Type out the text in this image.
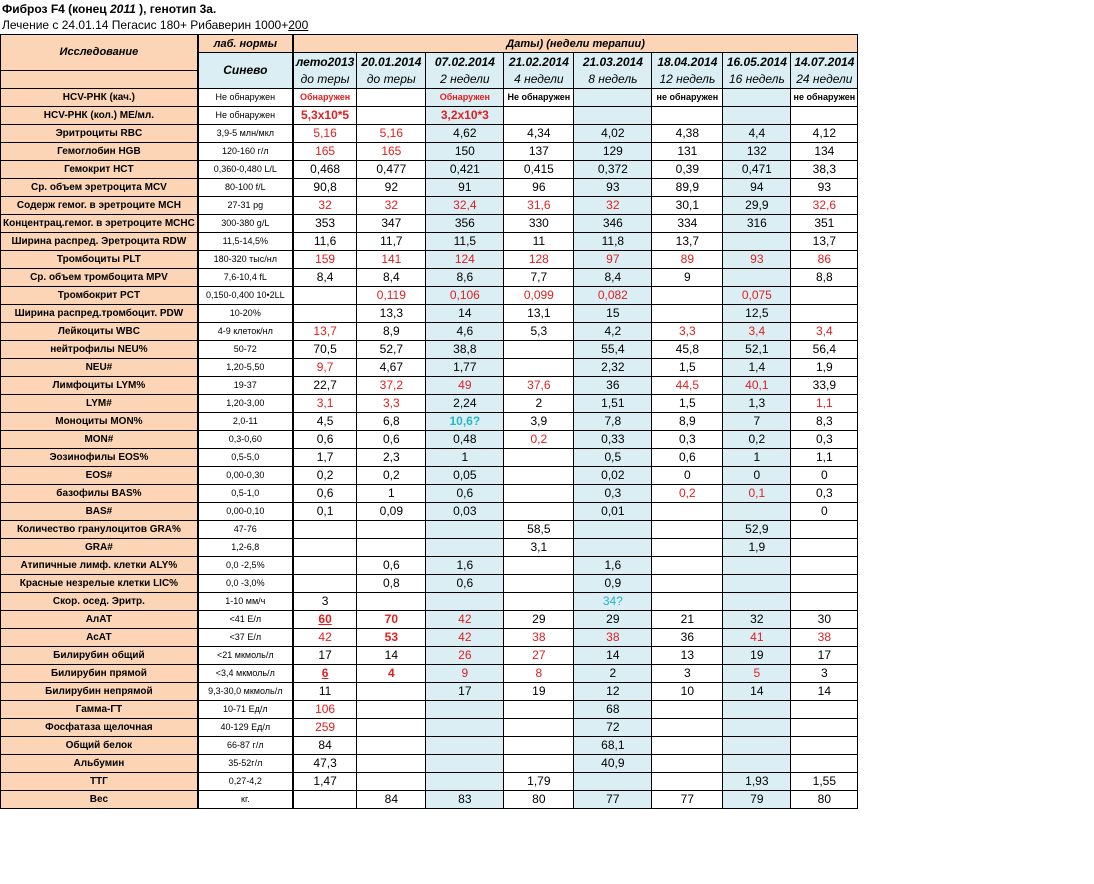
Фиброз F4 (конец 2011 ), генотип 3а.
Лечение с 24.01.14 Пегасис 180+ Рибаверин 1000+200
Исследование	лаб. нормы	Даты) (недели терапии)							
	Синево	лето2013	20.01.2014	07.02.2014	21.02.2014	21.03.2014	18.04.2014	16.05.2014	14.07.2014
		до теры	до теры	2 недели	4 недели	8 недель	12 недель	16 недель	24 недели
HCV-РНК (кач.)	Не обнаружен	Обнаружен		Обнаружен	Не обнаружен		не обнаружен		не обнаружен
HCV-РНК (кол.) МЕ/мл.	Не обнаружен	5,3x10*5		3,2x10*3					
Эритроциты RBC	3,9-5 млн/мкл	5,16	5,16	4,62	4,34	4,02	4,38	4,4	4,12
Гемоглобин HGB	120-160 г/л	165	165	150	137	129	131	132	134
Гемокрит HCT	0,360-0,480 L/L	0,468	0,477	0,421	0,415	0,372	0,39	0,471	38,3
Ср. объем эретроцита MCV	80-100 f/L	90,8	92	91	96	93	89,9	94	93
Содерж гемог. в эретроците MCH	27-31 pg	32	32	32,4	31,6	32	30,1	29,9	32,6
Концентрац.гемог. в эретроците MCHC	300-380 g/L	353	347	356	330	346	334	316	351
Ширина распред. Эретроцита RDW	11,5-14,5%	11,6	11,7	11,5	11	11,8	13,7		13,7
Тромбоциты PLT	180-320 тыс/нл	159	141	124	128	97	89	93	86
Ср. объем тромбоцита MPV	7,6-10,4 fL	8,4	8,4	8,6	7,7	8,4	9		8,8
Тромбокрит PCT	0,150-0,400 10•2LL		0,119	0,106	0,099	0,082		0,075	
Ширина распред.тромбоцит. PDW	10-20%		13,3	14	13,1	15		12,5	
Лейкоциты WBC	4-9 клеток/нл	13,7	8,9	4,6	5,3	4,2	3,3	3,4	3,4
нейтрофилы NEU%	50-72	70,5	52,7	38,8		55,4	45,8	52,1	56,4
NEU#	1,20-5,50	9,7	4,67	1,77		2,32	1,5	1,4	1,9
Лимфоциты LYM%	19-37	22,7	37,2	49	37,6	36	44,5	40,1	33,9
LYM#	1,20-3,00	3,1	3,3	2,24	2	1,51	1,5	1,3	1,1
Моноциты MON%	2,0-11	4,5	6,8	10,6?	3,9	7,8	8,9	7	8,3
MON#	0,3-0,60	0,6	0,6	0,48	0,2	0,33	0,3	0,2	0,3
Эозинофилы EOS%	0,5-5,0	1,7	2,3	1		0,5	0,6	1	1,1
EOS#	0,00-0,30	0,2	0,2	0,05		0,02	0	0	0
базофилы BAS%	0,5-1,0	0,6	1	0,6		0,3	0,2	0,1	0,3
BAS#	0,00-0,10	0,1	0,09	0,03		0,01			0
Количество гранулоцитов GRA%	47-76				58,5			52,9	
GRA#	1,2-6,8				3,1			1,9	
Атипичные лимф. клетки ALY%	0,0 -2,5%		0,6	1,6		1,6			
Красные незрелые клетки LIC%	0,0 -3,0%		0,8	0,6		0,9			
Скор. осед. Эритр.	1-10 мм/ч	3				34?			
АлАТ	<41 Е/л	60	70	42	29	29	21	32	30
АсАТ	<37 Е/л	42	53	42	38	38	36	41	38
Билирубин общий	<21 мкмоль/л	17	14	26	27	14	13	19	17
Билирубин прямой	<3,4 мкмоль/л	6	4	9	8	2	3	5	3
Билирубин непрямой	9,3-30,0 мкмоль/л	11		17	19	12	10	14	14
Гамма-ГТ	10-71 Ед/л	106				68			
Фосфатаза щелочная	40-129 Ед/л	259				72			
Общий белок	66-87 г/л	84				68,1			
Альбумин	35-52г/л	47,3				40,9			
ТТГ	0,27-4,2	1,47			1,79			1,93	1,55
Вес	кг.		84	83	80	77	77	79	80
